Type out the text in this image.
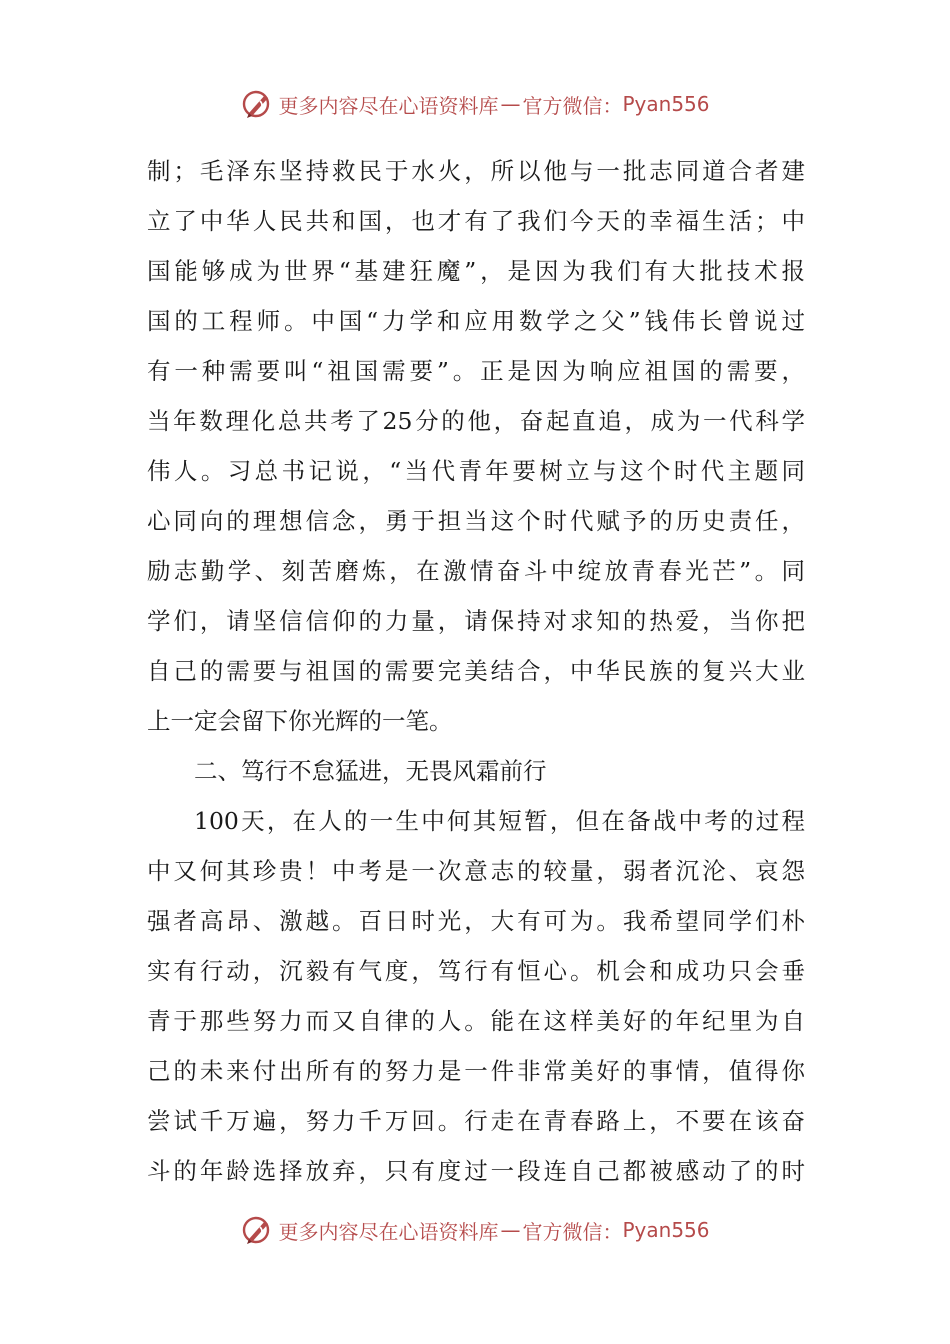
更多内容尽在心语资料库 — 官方微信： Pyan556
制；毛泽东坚持救民于水火，所以他与一批志同道合者建
立了中华人民共和国，也才有了我们今天的幸福生活；中
国能够成为世界“基建狂魔”，是因为我们有大批技术报
国的工程师。中国“力学和应用数学之父”钱伟长曾说过
有一种需要叫“祖国需要”。正是因为响应祖国的需要，
当年数理化总共考了25分的他，奋起直追，成为一代科学
伟人。习总书记说，“当代青年要树立与这个时代主题同
心同向的理想信念，勇于担当这个时代赋予的历史责任，
励志勤学、刻苦磨炼，在激情奋斗中绽放青春光芒”。同
学们，请坚信信仰的力量，请保持对求知的热爱，当你把
自己的需要与祖国的需要完美结合，中华民族的复兴大业
上一定会留下你光辉的一笔。
二、笃行不怠猛进，无畏风霜前行
100天，在人的一生中何其短暂，但在备战中考的过程
中又何其珍贵！中考是一次意志的较量，弱者沉沦、哀怨
强者高昂、激越。百日时光，大有可为。我希望同学们朴
实有行动，沉毅有气度，笃行有恒心。机会和成功只会垂
青于那些努力而又自律的人。能在这样美好的年纪里为自
己的未来付出所有的努力是一件非常美好的事情，值得你
尝试千万遍，努力千万回。行走在青春路上，不要在该奋
斗的年龄选择放弃，只有度过一段连自己都被感动了的时
更多内容尽在心语资料库 — 官方微信： Pyan556
